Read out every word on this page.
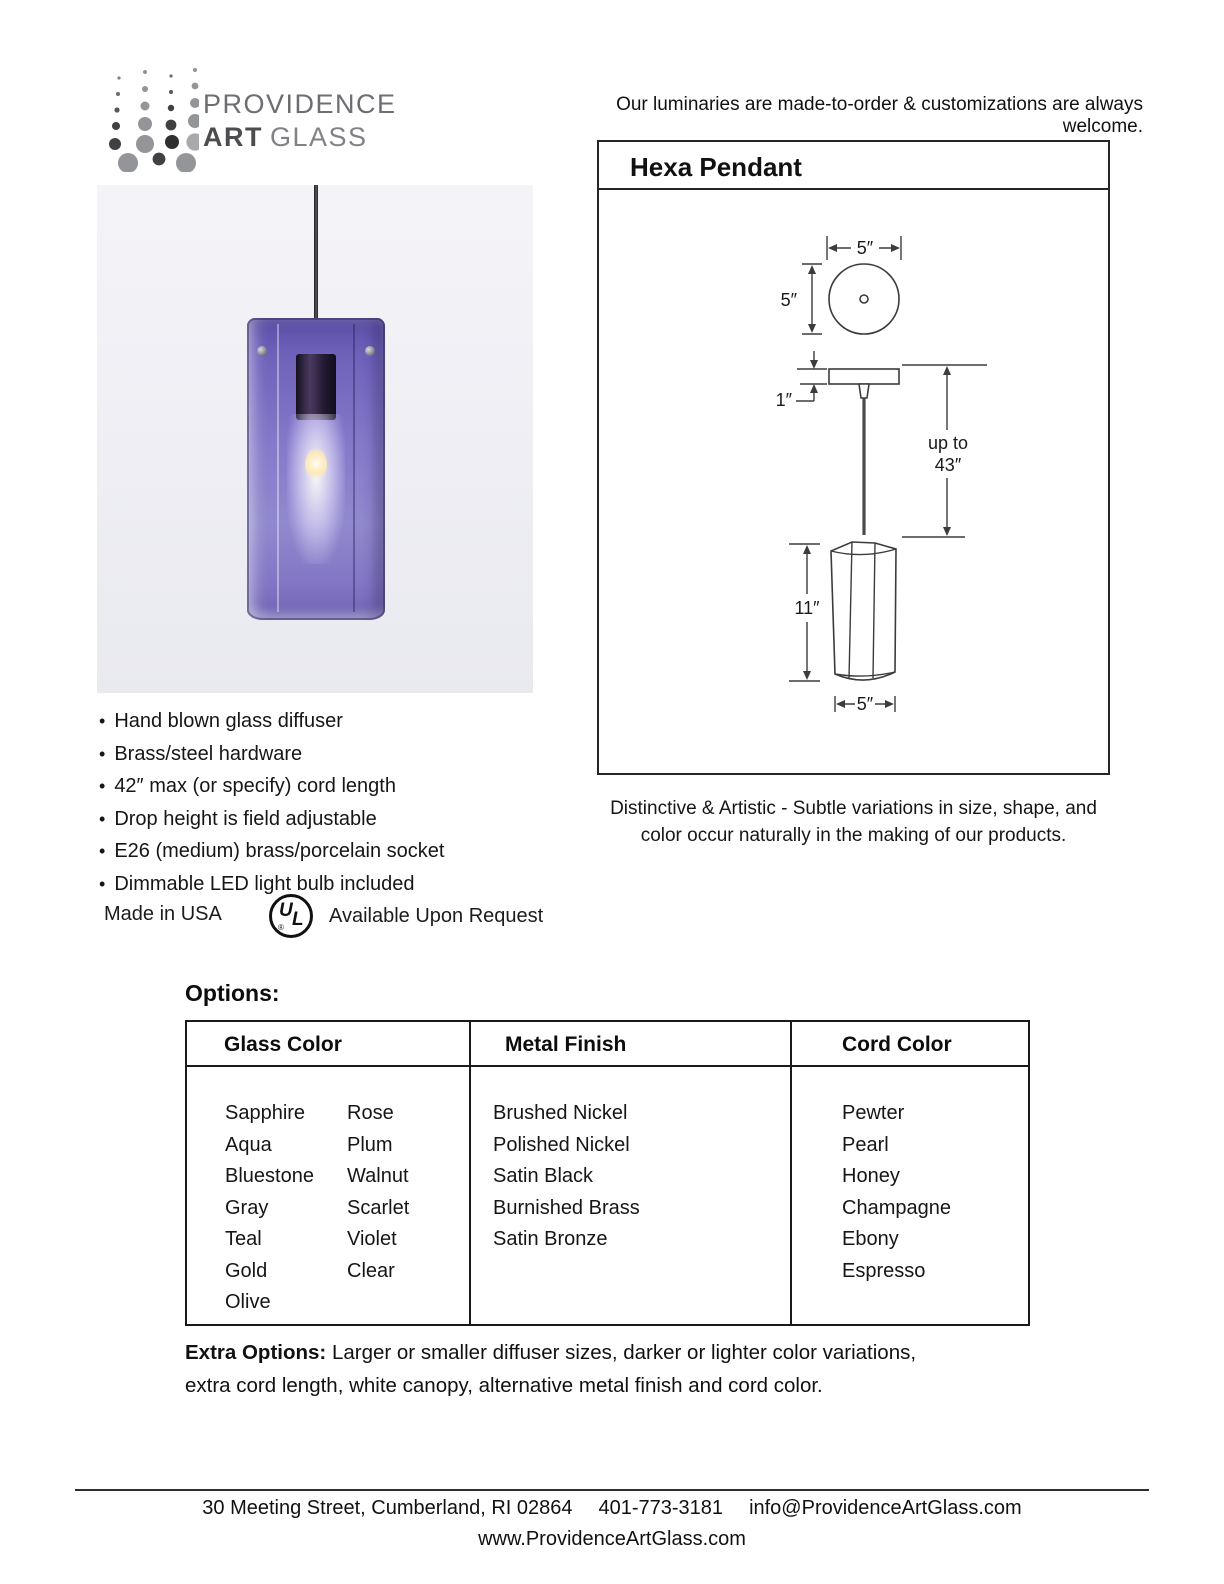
PROVIDENCE
ART GLASS
Our luminaries are made-to-order & customizations are always welcome.
Hexa Pendant
5″
5″
1″
up to
43″
11″
5″
Distinctive & Artistic - Subtle variations in size, shape, and
color occur naturally in the making of our products.
• Hand blown glass diffuser
• Brass/steel hardware
• 42″ max (or specify) cord length
• Drop height is field adjustable
• E26 (medium) brass/porcelain socket
• Dimmable LED light bulb included
Made in USA	U L
®
Available Upon Request
Options:
Glass Color
Sapphire
Aqua
Bluestone
Gray
Teal
Gold
Olive
Rose
Plum
Walnut
Scarlet
Violet
Clear
Metal Finish
Brushed Nickel
Polished Nickel
Satin Black
Burnished Brass
Satin Bronze
Cord Color
Pewter
Pearl
Honey
Champagne
Ebony
Espresso
Extra Options: Larger or smaller diffuser sizes, darker or lighter color variations,
extra cord length, white canopy, alternative metal finish and cord color.
30 Meeting Street, Cumberland, RI 02864 401-773-3181 info@ProvidenceArtGlass.com
www.ProvidenceArtGlass.com
